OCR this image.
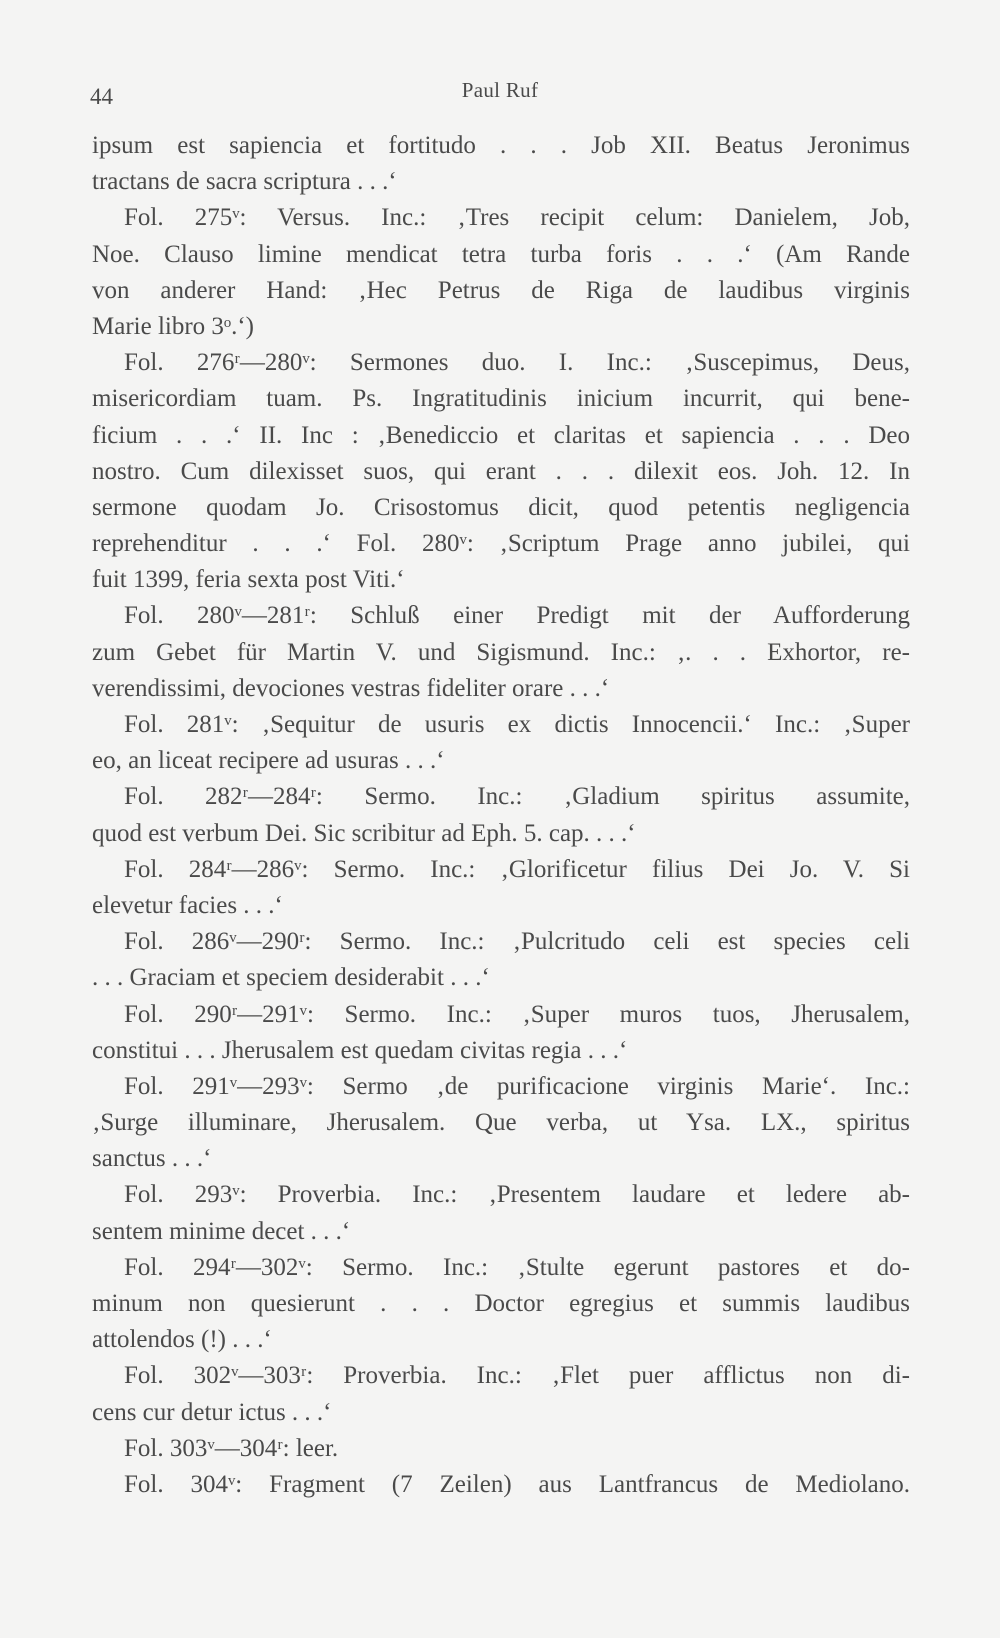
44	Paul Ruf
ipsum est sapiencia et fortitudo . . . Job XII. Beatus Jeronimus
tractans de sacra scriptura . . .‘
Fol. 275ᵛ: Versus. Inc.: ‚Tres recipit celum: Danielem, Job,
Noe. Clauso limine mendicat tetra turba foris . . .‘ (Am Rande
von anderer Hand: ‚Hec Petrus de Riga de laudibus virginis
Marie libro 3ᵒ.‘)
Fol. 276ʳ—280ᵛ: Sermones duo. I. Inc.: ‚Suscepimus, Deus,
misericordiam tuam. Ps. Ingratitudinis inicium incurrit, qui bene-
ficium . . .‘ II. Inc : ‚Benediccio et claritas et sapiencia . . . Deo
nostro. Cum dilexisset suos, qui erant . . . dilexit eos. Joh. 12. In
sermone quodam Jo. Crisostomus dicit, quod petentis negligencia
reprehenditur . . .‘ Fol. 280ᵛ: ‚Scriptum Prage anno jubilei, qui
fuit 1399, feria sexta post Viti.‘
Fol. 280ᵛ—281ʳ: Schluß einer Predigt mit der Aufforderung
zum Gebet für Martin V. und Sigismund. Inc.: ‚. . . Exhortor, re-
verendissimi, devociones vestras fideliter orare . . .‘
Fol. 281ᵛ: ‚Sequitur de usuris ex dictis Innocencii.‘ Inc.: ‚Super
eo, an liceat recipere ad usuras . . .‘
Fol. 282ʳ—284ʳ: Sermo. Inc.: ‚Gladium spiritus assumite,
quod est verbum Dei. Sic scribitur ad Eph. 5. cap. . . .‘
Fol. 284ʳ—286ᵛ: Sermo. Inc.: ‚Glorificetur filius Dei Jo. V. Si
elevetur facies . . .‘
Fol. 286ᵛ—290ʳ: Sermo. Inc.: ‚Pulcritudo celi est species celi
. . . Graciam et speciem desiderabit . . .‘
Fol. 290ʳ—291ᵛ: Sermo. Inc.: ‚Super muros tuos, Jherusalem,
constitui . . . Jherusalem est quedam civitas regia . . .‘
Fol. 291ᵛ—293ᵛ: Sermo ‚de purificacione virginis Marie‘. Inc.:
‚Surge illuminare, Jherusalem. Que verba, ut Ysa. LX., spiritus
sanctus . . .‘
Fol. 293ᵛ: Proverbia. Inc.: ‚Presentem laudare et ledere ab-
sentem minime decet . . .‘
Fol. 294ʳ—302ᵛ: Sermo. Inc.: ‚Stulte egerunt pastores et do-
minum non quesierunt . . . Doctor egregius et summis laudibus
attolendos (!) . . .‘
Fol. 302ᵛ—303ʳ: Proverbia. Inc.: ‚Flet puer afflictus non di-
cens cur detur ictus . . .‘
Fol. 303ᵛ—304ʳ: leer.
Fol. 304ᵛ: Fragment (7 Zeilen) aus Lantfrancus de Mediolano.
